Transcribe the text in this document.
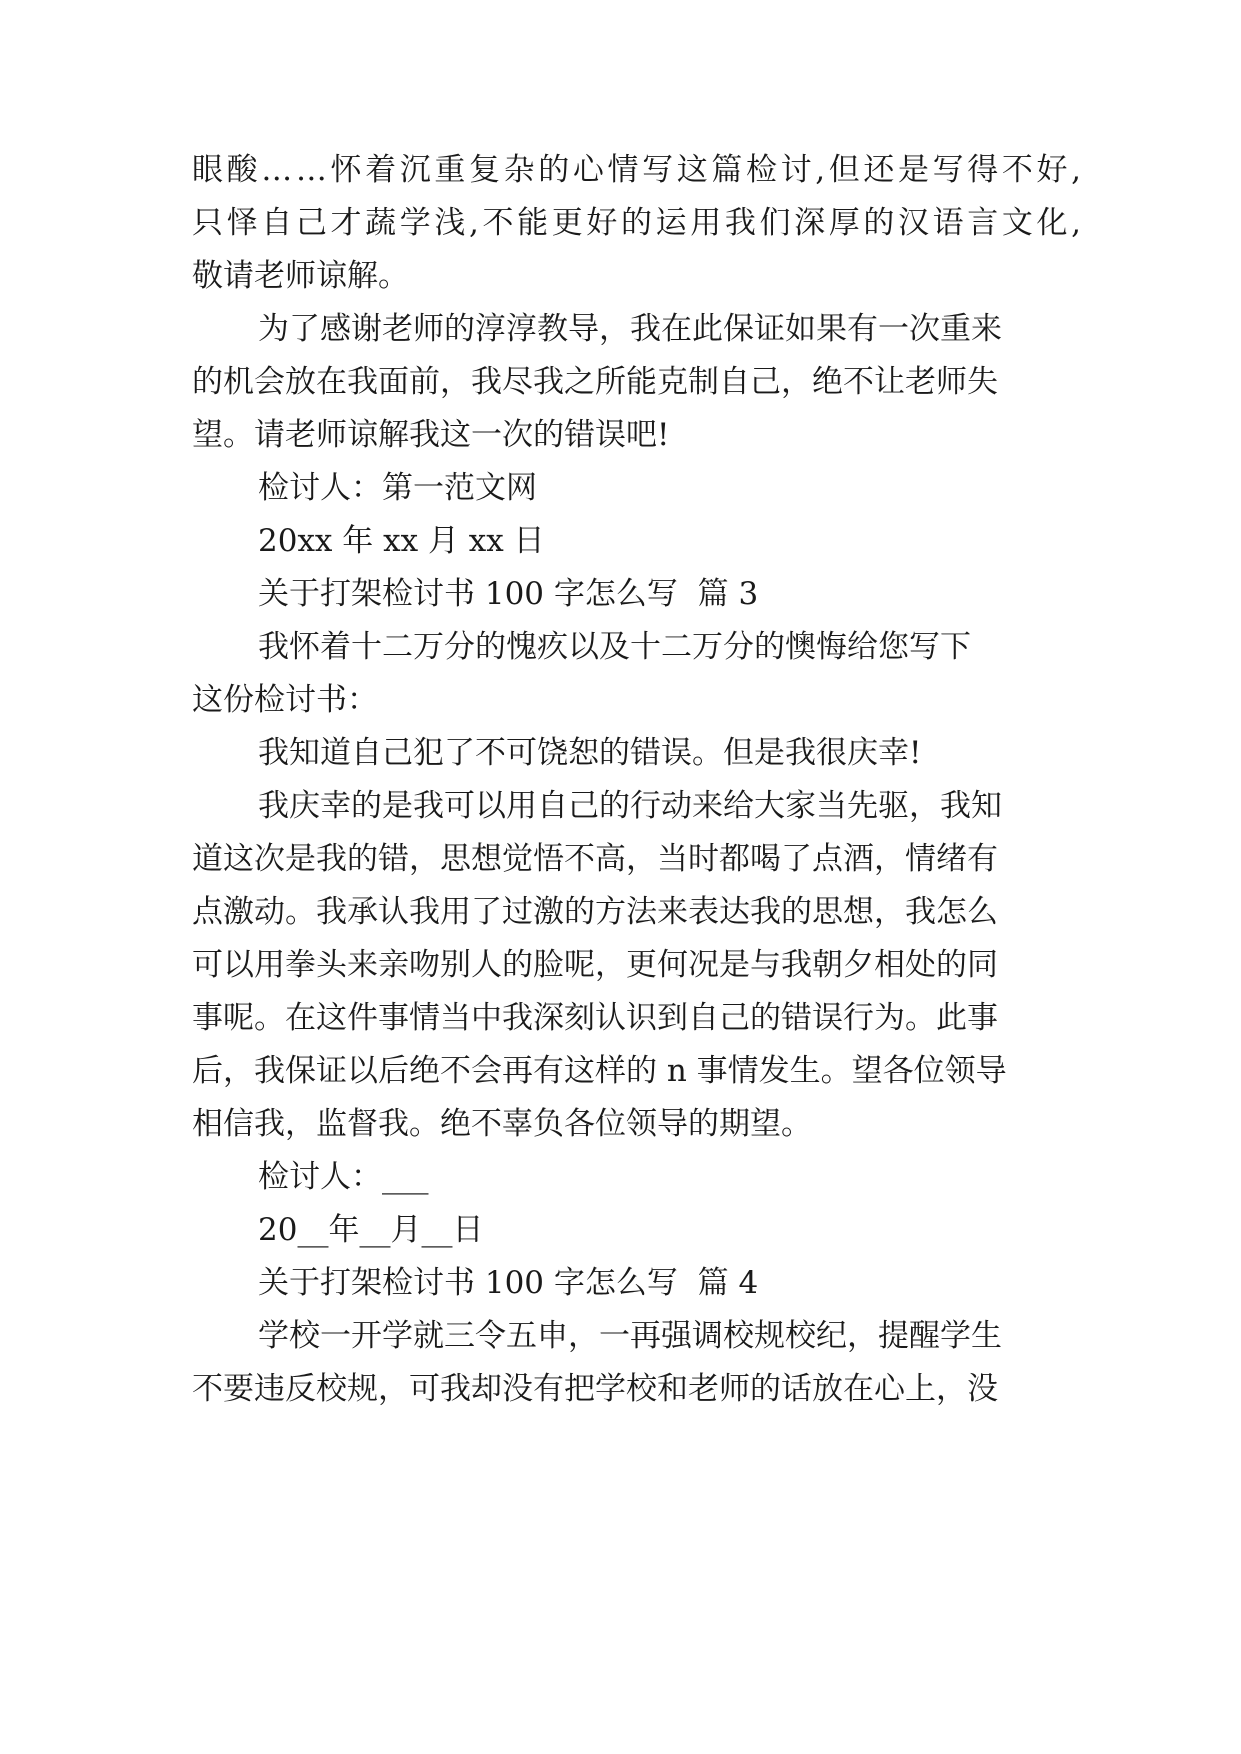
眼 酸 … … 怀 着 沉 重 复 杂 的 心 情 写 这 篇 检 讨 , 但 还 是 写 得 不 好 ,
只 怿 自 己 才 蔬 学 浅 , 不 能 更 好 的 运 用 我 们 深 厚 的 汉 语 言 文 化 ,
敬请老师谅解。
为了感谢老师的淳淳教导，我在此保证如果有一次重来
的机会放在我面前，我尽我之所能克制自己，绝不让老师失
望。请老师谅解我这一次的错误吧!
检讨人：第一范文网
20xx 年 xx 月 xx 日
关于打架检讨书 100 字怎么写  篇 3
我怀着十二万分的愧疚以及十二万分的懊悔给您写下
这份检讨书：
我知道自己犯了不可饶恕的错误。但是我很庆幸!
我庆幸的是我可以用自己的行动来给大家当先驱，我知
道这次是我的错，思想觉悟不高，当时都喝了点酒，情绪有
点激动。我承认我用了过激的方法来表达我的思想，我怎么
可以用拳头来亲吻别人的脸呢，更何况是与我朝夕相处的同
事呢。在这件事情当中我深刻认识到自己的错误行为。此事
后，我保证以后绝不会再有这样的 n 事情发生。望各位领导
相信我，监督我。绝不辜负各位领导的期望。
检讨人：___
20__年__月__日
关于打架检讨书 100 字怎么写  篇 4
学校一开学就三令五申，一再强调校规校纪，提醒学生
不要违反校规，可我却没有把学校和老师的话放在心上，没
